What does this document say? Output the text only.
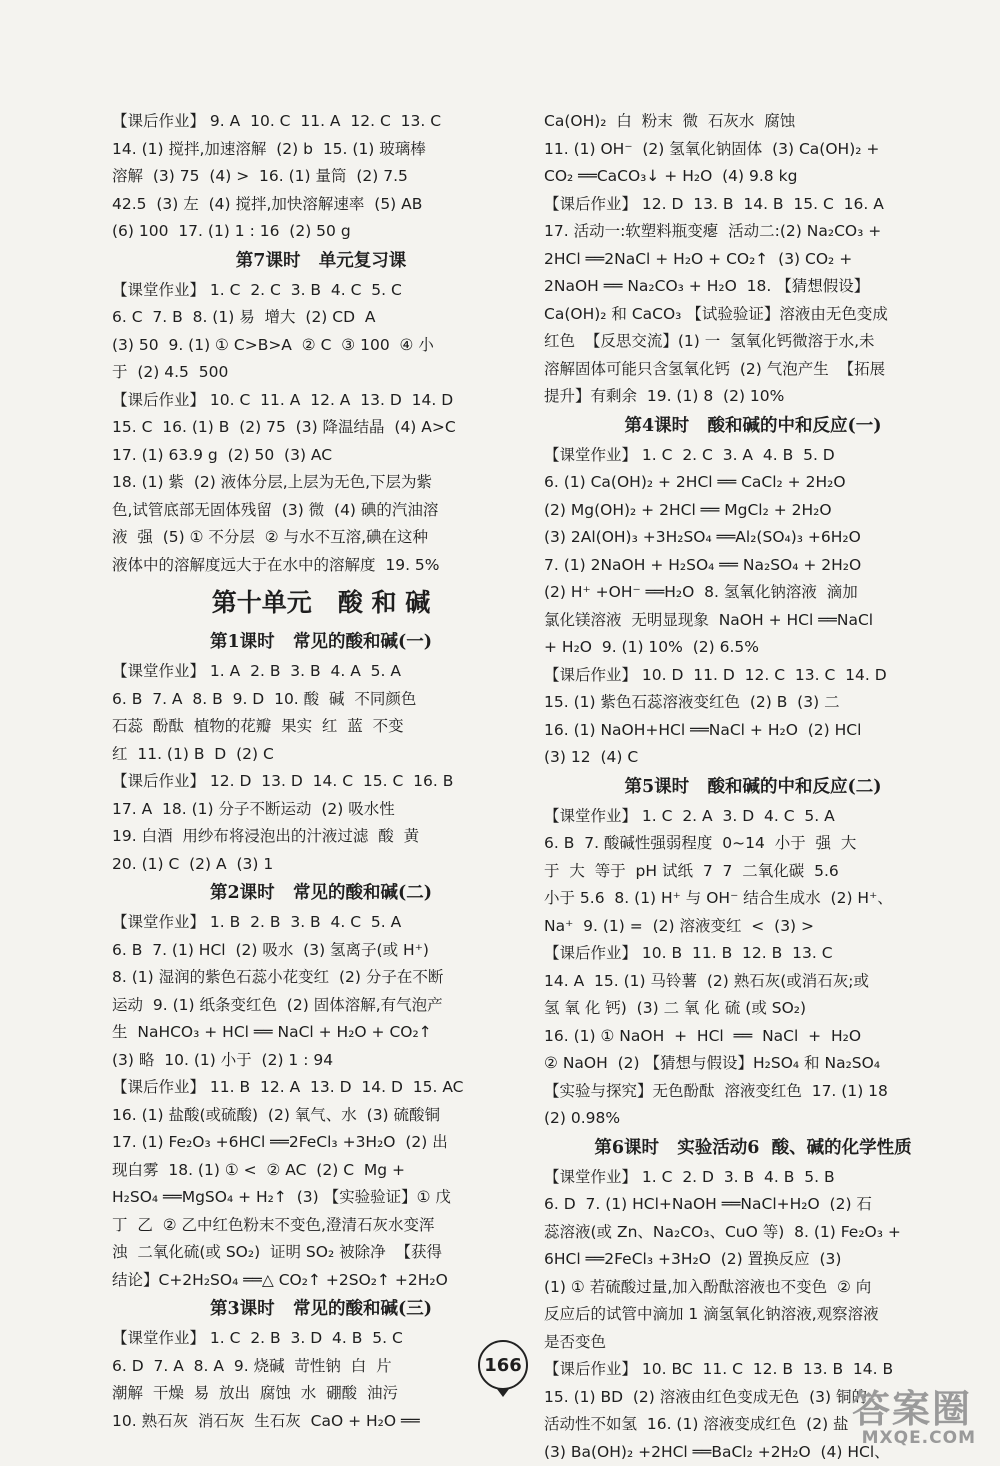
【课后作业】 9. A  10. C  11. A  12. C  13. C
14. (1) 搅拌,加速溶解  (2) b  15. (1) 玻璃棒
溶解  (3) 75  (4) >  16. (1) 量筒  (2) 7.5
42.5  (3) 左  (4) 搅拌,加快溶解速率  (5) AB
(6) 100  17. (1) 1 : 16  (2) 50 g
第7课时   单元复习课
【课堂作业】 1. C  2. C  3. B  4. C  5. C
6. C  7. B  8. (1) 易  增大  (2) CD  A
(3) 50  9. (1) ① C>B>A  ② C  ③ 100  ④ 小
于  (2) 4.5  500
【课后作业】 10. C  11. A  12. A  13. D  14. D
15. C  16. (1) B  (2) 75  (3) 降温结晶  (4) A>C
17. (1) 63.9 g  (2) 50  (3) AC
18. (1) 紫  (2) 液体分层,上层为无色,下层为紫
色,试管底部无固体残留  (3) 微  (4) 碘的汽油溶
液  强  (5) ① 不分层  ② 与水不互溶,碘在这种
液体中的溶解度远大于在水中的溶解度  19. 5%
第十单元   酸 和 碱
第1课时   常见的酸和碱(一)
【课堂作业】 1. A  2. B  3. B  4. A  5. A
6. B  7. A  8. B  9. D  10. 酸  碱  不同颜色
石蕊  酚酞  植物的花瓣  果实  红  蓝  不变
红  11. (1) B  D  (2) C
【课后作业】 12. D  13. D  14. C  15. C  16. B
17. A  18. (1) 分子不断运动  (2) 吸水性
19. 白酒  用纱布将浸泡出的汁液过滤  酸  黄
20. (1) C  (2) A  (3) 1
第2课时   常见的酸和碱(二)
【课堂作业】 1. B  2. B  3. B  4. C  5. A
6. B  7. (1) HCl  (2) 吸水  (3) 氢离子(或 H⁺)
8. (1) 湿润的紫色石蕊小花变红  (2) 分子在不断
运动  9. (1) 纸条变红色  (2) 固体溶解,有气泡产
生  NaHCO₃ + HCl ══ NaCl + H₂O + CO₂↑
(3) 略  10. (1) 小于  (2) 1 : 94
【课后作业】 11. B  12. A  13. D  14. D  15. AC
16. (1) 盐酸(或硫酸)  (2) 氧气、水  (3) 硫酸铜
17. (1) Fe₂O₃ +6HCl ══2FeCl₃ +3H₂O  (2) 出
现白雾  18. (1) ① <  ② AC  (2) C  Mg +
H₂SO₄ ══MgSO₄ + H₂↑  (3) 【实验验证】① 戊
丁  乙  ② 乙中红色粉末不变色,澄清石灰水变浑
浊  二氧化硫(或 SO₂)  证明 SO₂ 被除净  【获得
结论】C+2H₂SO₄ ══△ CO₂↑ +2SO₂↑ +2H₂O
第3课时   常见的酸和碱(三)
【课堂作业】 1. C  2. B  3. D  4. B  5. C
6. D  7. A  8. A  9. 烧碱  苛性钠  白  片
潮解  干燥  易  放出  腐蚀  水  硼酸  油污
10. 熟石灰  消石灰  生石灰  CaO + H₂O ══
Ca(OH)₂  白  粉末  微  石灰水  腐蚀
11. (1) OH⁻  (2) 氢氧化钠固体  (3) Ca(OH)₂ +
CO₂ ══CaCO₃↓ + H₂O  (4) 9.8 kg
【课后作业】 12. D  13. B  14. B  15. C  16. A
17. 活动一:软塑料瓶变瘪  活动二:(2) Na₂CO₃ +
2HCl ══2NaCl + H₂O + CO₂↑  (3) CO₂ +
2NaOH ══ Na₂CO₃ + H₂O  18. 【猜想假设】
Ca(OH)₂ 和 CaCO₃ 【试验验证】溶液由无色变成
红色  【反思交流】(1) 一  氢氧化钙微溶于水,未
溶解固体可能只含氢氧化钙  (2) 气泡产生  【拓展
提升】有剩余  19. (1) 8  (2) 10%
第4课时   酸和碱的中和反应(一)
【课堂作业】 1. C  2. C  3. A  4. B  5. D
6. (1) Ca(OH)₂ + 2HCl ══ CaCl₂ + 2H₂O
(2) Mg(OH)₂ + 2HCl ══ MgCl₂ + 2H₂O
(3) 2Al(OH)₃ +3H₂SO₄ ══Al₂(SO₄)₃ +6H₂O
7. (1) 2NaOH + H₂SO₄ ══ Na₂SO₄ + 2H₂O
(2) H⁺ +OH⁻ ══H₂O  8. 氢氧化钠溶液  滴加
氯化镁溶液  无明显现象  NaOH + HCl ══NaCl
+ H₂O  9. (1) 10%  (2) 6.5%
【课后作业】 10. D  11. D  12. C  13. C  14. D
15. (1) 紫色石蕊溶液变红色  (2) B  (3) 二
16. (1) NaOH+HCl ══NaCl + H₂O  (2) HCl
(3) 12  (4) C
第5课时   酸和碱的中和反应(二)
【课堂作业】 1. C  2. A  3. D  4. C  5. A
6. B  7. 酸碱性强弱程度  0~14  小于  强  大
于  大  等于  pH 试纸  7  7  二氧化碳  5.6
小于 5.6  8. (1) H⁺ 与 OH⁻ 结合生成水  (2) H⁺、
Na⁺  9. (1) =  (2) 溶液变红  <  (3) >
【课后作业】 10. B  11. B  12. B  13. C
14. A  15. (1) 马铃薯  (2) 熟石灰(或消石灰;或
氢 氧 化 钙)  (3) 二 氧 化 硫 (或 SO₂)
16. (1) ① NaOH  +  HCl  ══  NaCl  +  H₂O
② NaOH  (2) 【猜想与假设】H₂SO₄ 和 Na₂SO₄
【实验与探究】无色酚酞  溶液变红色  17. (1) 18
(2) 0.98%
第6课时   实验活动6  酸、碱的化学性质
【课堂作业】 1. C  2. D  3. B  4. B  5. B
6. D  7. (1) HCl+NaOH ══NaCl+H₂O  (2) 石
蕊溶液(或 Zn、Na₂CO₃、CuO 等)  8. (1) Fe₂O₃ +
6HCl ══2FeCl₃ +3H₂O  (2) 置换反应  (3)
(1) ① 若硫酸过量,加入酚酞溶液也不变色  ② 向
反应后的试管中滴加 1 滴氢氧化钠溶液,观察溶液
是否变色
【课后作业】 10. BC  11. C  12. B  13. B  14. B
15. (1) BD  (2) 溶液由红色变成无色  (3) 铜的
活动性不如氢  16. (1) 溶液变成红色  (2) 盐
(3) Ba(OH)₂ +2HCl ══BaCl₂ +2H₂O  (4) HCl、
166
答案圈
MXQE.COM
